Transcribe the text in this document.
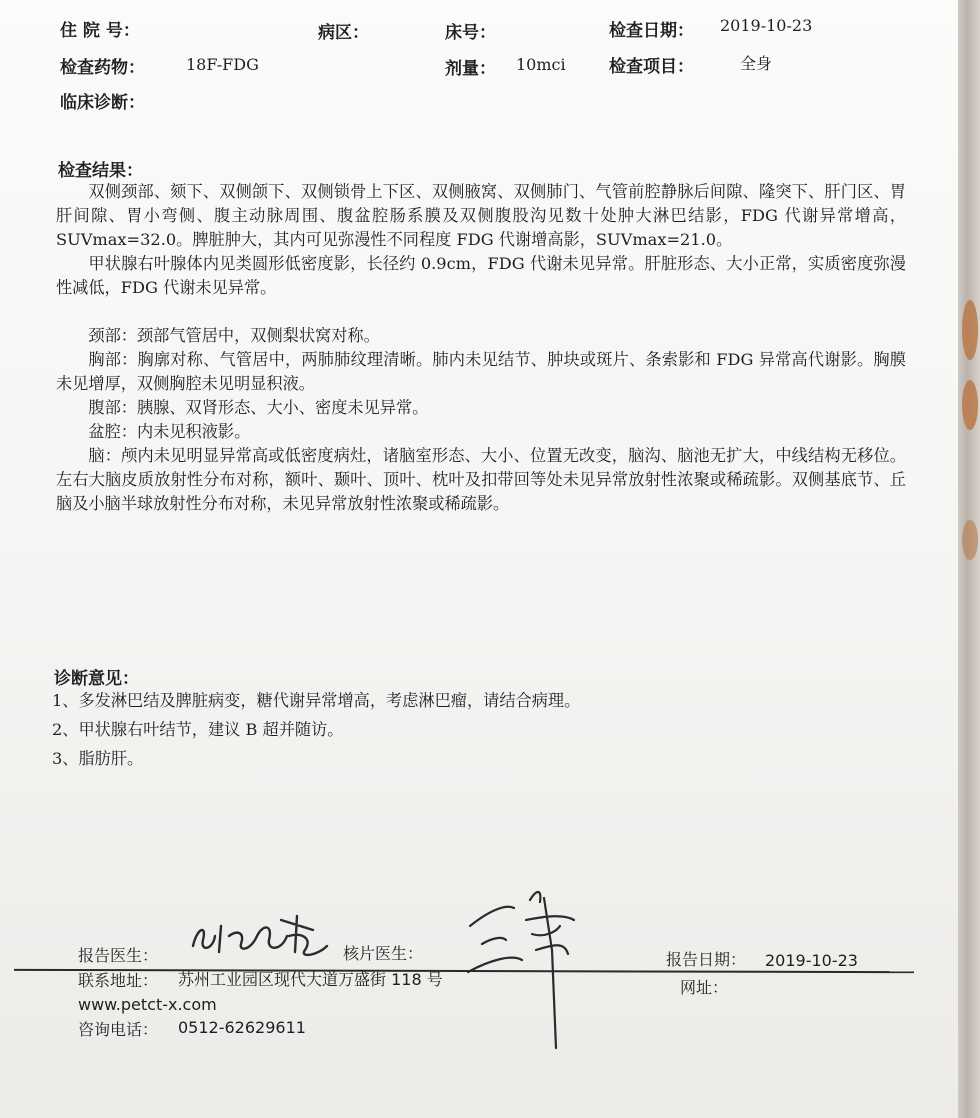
住 院 号：	病区：	床号：	检查日期： 2019-10-23
检查药物：	18F-FDG	剂量： 10mci	检查项目：	全身
临床诊断：
检查结果：

双侧颈部、颏下、双侧颌下、双侧锁骨上下区、双侧腋窝、双侧肺门、气管前腔静脉后间隙、隆突下、肝门区、胃肝间隙、胃小弯侧、腹主动脉周围、腹盆腔肠系膜及双侧腹股沟见数十处肿大淋巴结影，FDG 代谢异常增高，SUVmax=32.0。脾脏肿大，其内可见弥漫性不同程度 FDG 代谢增高影，SUVmax=21.0。

甲状腺右叶腺体内见类圆形低密度影，长径约 0.9cm，FDG 代谢未见异常。肝脏形态、大小正常，实质密度弥漫性减低，FDG 代谢未见异常。

颈部：颈部气管居中，双侧梨状窝对称。

胸部：胸廓对称、气管居中，两肺肺纹理清晰。肺内未见结节、肿块或斑片、条索影和 FDG 异常高代谢影。胸膜未见增厚，双侧胸腔未见明显积液。

腹部：胰腺、双肾形态、大小、密度未见异常。

盆腔：内未见积液影。

脑：颅内未见明显异常高或低密度病灶，诸脑室形态、大小、位置无改变，脑沟、脑池无扩大，中线结构无移位。左右大脑皮质放射性分布对称，额叶、颞叶、顶叶、枕叶及扣带回等处未见异常放射性浓聚或稀疏影。双侧基底节、丘脑及小脑半球放射性分布对称，未见异常放射性浓聚或稀疏影。

诊断意见：
1、多发淋巴结及脾脏病变，糖代谢异常增高，考虑淋巴瘤，请结合病理。
2、甲状腺右叶结节，建议 B 超并随访。
3、脂肪肝。
报告医生：	核片医生：	报告日期： 2019-10-23
联系地址： 苏州工业园区现代大道万盛街 118 号	网址：
www.petct-x.com
咨询电话： 0512-62629611
